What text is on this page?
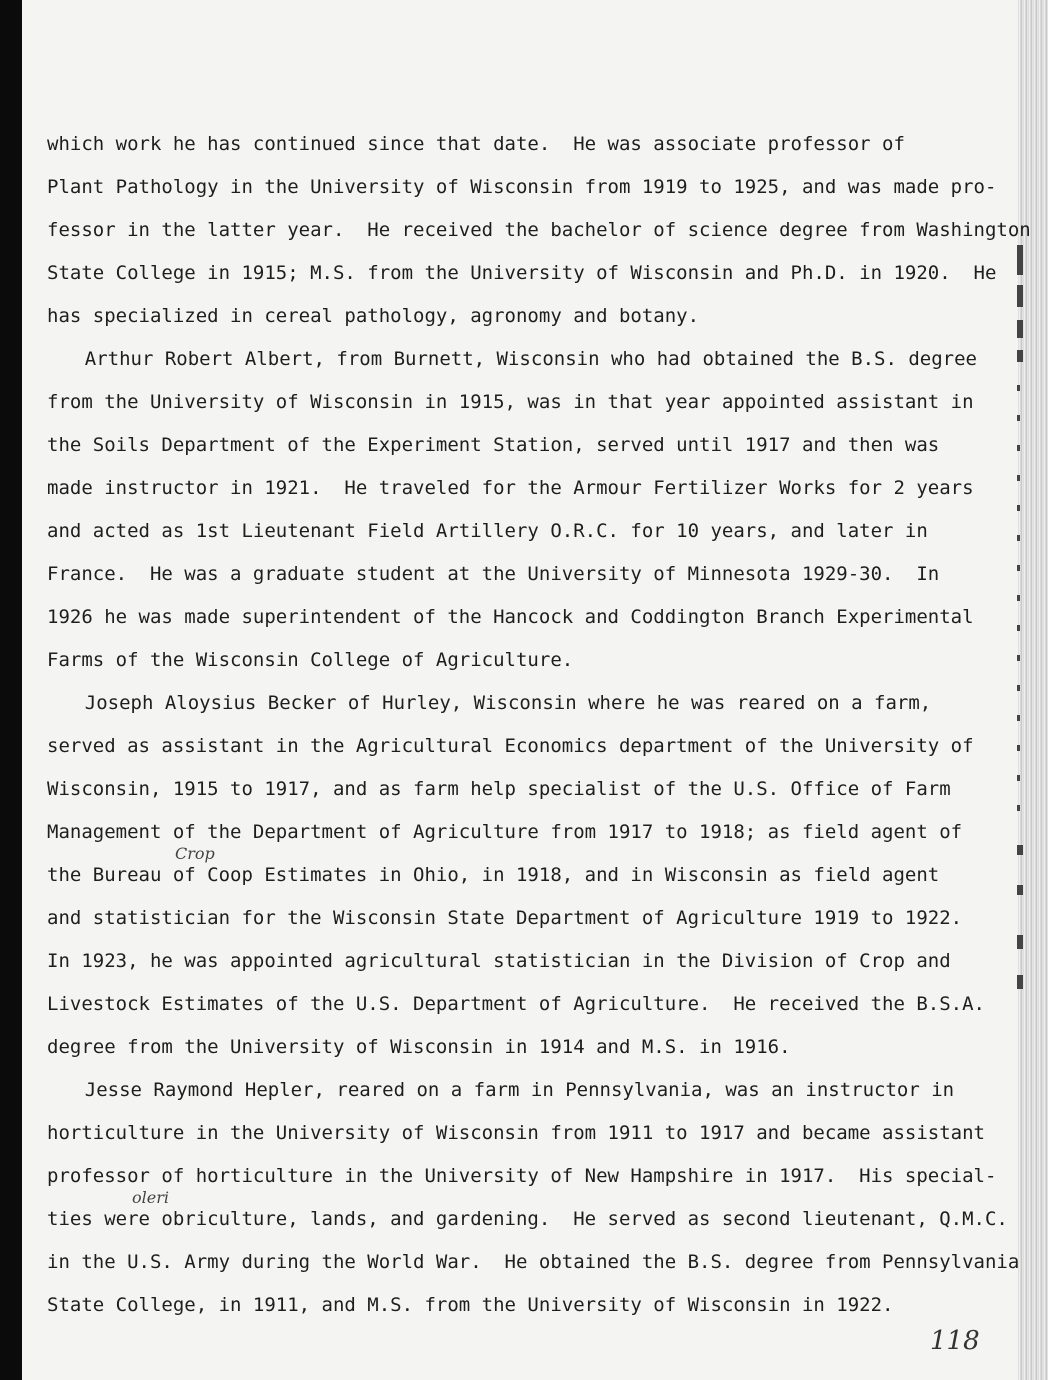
which work he has continued since that date.  He was associate professor of
Plant Pathology in the University of Wisconsin from 1919 to 1925, and was made pro-
fessor in the latter year.  He received the bachelor of science degree from Washington
State College in 1915; M.S. from the University of Wisconsin and Ph.D. in 1920.  He
has specialized in cereal pathology, agronomy and botany.
Arthur Robert Albert, from Burnett, Wisconsin who had obtained the B.S. degree
from the University of Wisconsin in 1915, was in that year appointed assistant in
the Soils Department of the Experiment Station, served until 1917 and then was
made instructor in 1921.  He traveled for the Armour Fertilizer Works for 2 years
and acted as 1st Lieutenant Field Artillery O.R.C. for 10 years, and later in
France.  He was a graduate student at the University of Minnesota 1929-30.  In
1926 he was made superintendent of the Hancock and Coddington Branch Experimental
Farms of the Wisconsin College of Agriculture.
Joseph Aloysius Becker of Hurley, Wisconsin where he was reared on a farm,
served as assistant in the Agricultural Economics department of the University of
Wisconsin, 1915 to 1917, and as farm help specialist of the U.S. Office of Farm
Management of the Department of Agriculture from 1917 to 1918; as field agent of
the Bureau of Coop Estimates in Ohio, in 1918, and in Wisconsin as field agent
and statistician for the Wisconsin State Department of Agriculture 1919 to 1922.
In 1923, he was appointed agricultural statistician in the Division of Crop and
Livestock Estimates of the U.S. Department of Agriculture.  He received the B.S.A.
degree from the University of Wisconsin in 1914 and M.S. in 1916.
Jesse Raymond Hepler, reared on a farm in Pennsylvania, was an instructor in
horticulture in the University of Wisconsin from 1911 to 1917 and became assistant
professor of horticulture in the University of New Hampshire in 1917.  His special-
ties were obriculture, lands, and gardening.  He served as second lieutenant, Q.M.C.
in the U.S. Army during the World War.  He obtained the B.S. degree from Pennsylvania
State College, in 1911, and M.S. from the University of Wisconsin in 1922.
Crop
oleri
118
